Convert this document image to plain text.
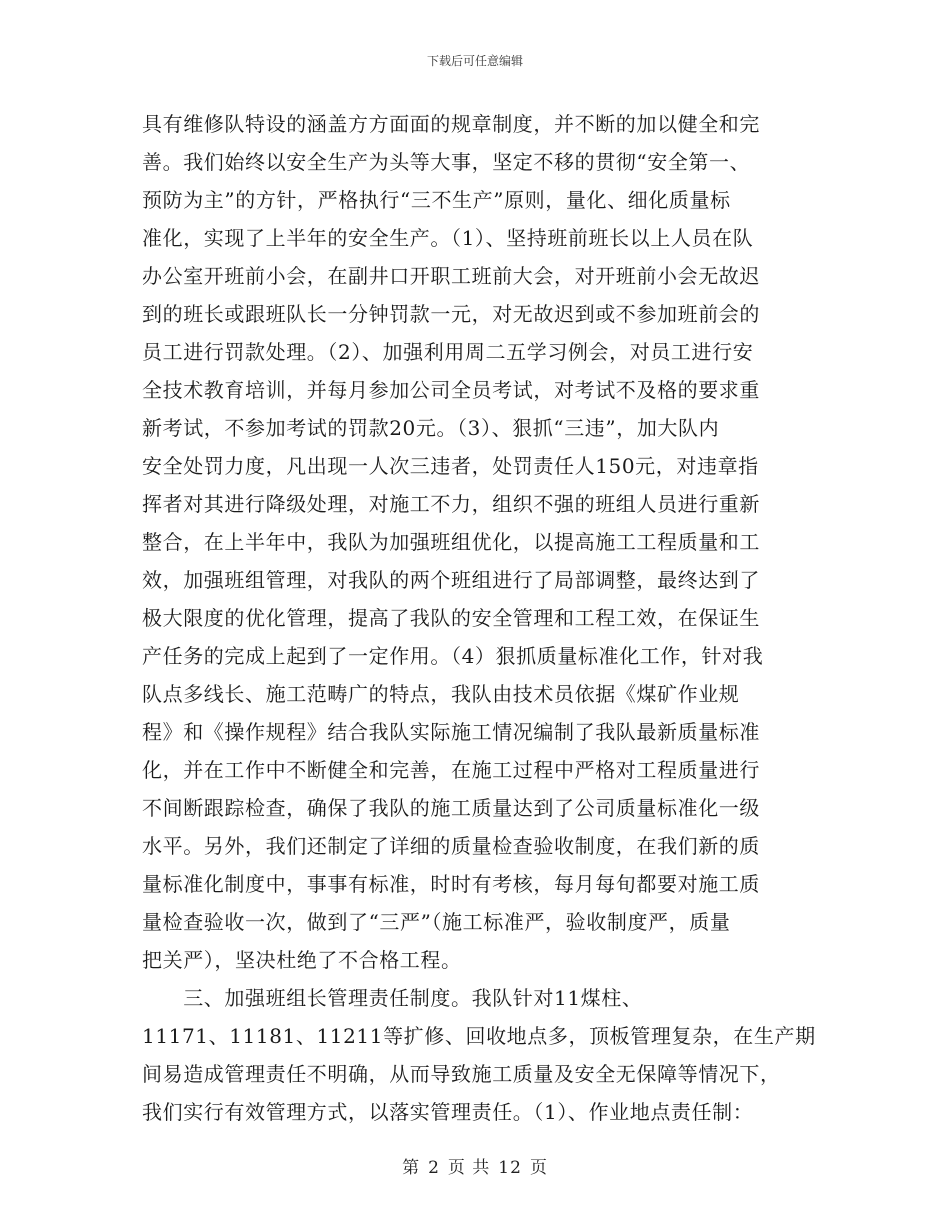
下载后可任意编辑
具有维修队特设的涵盖方方面面的规章制度，并不断的加以健全和完
善。我们始终以安全生产为头等大事，坚定不移的贯彻“安全第一、
预防为主”的方针，严格执行“三不生产”原则，量化、细化质量标
准化，实现了上半年的安全生产。（1）、坚持班前班长以上人员在队
办公室开班前小会，在副井口开职工班前大会，对开班前小会无故迟
到的班长或跟班队长一分钟罚款一元，对无故迟到或不参加班前会的
员工进行罚款处理。（2）、加强利用周二五学习例会，对员工进行安
全技术教育培训，并每月参加公司全员考试，对考试不及格的要求重
新考试，不参加考试的罚款20元。（3）、狠抓“三违”，加大队内
安全处罚力度，凡出现一人次三违者，处罚责任人150元，对违章指
挥者对其进行降级处理，对施工不力，组织不强的班组人员进行重新
整合，在上半年中，我队为加强班组优化，以提高施工工程质量和工
效，加强班组管理，对我队的两个班组进行了局部调整，最终达到了
极大限度的优化管理，提高了我队的安全管理和工程工效，在保证生
产任务的完成上起到了一定作用。（4）狠抓质量标准化工作，针对我
队点多线长、施工范畴广的特点，我队由技术员依据《煤矿作业规
程》和《操作规程》结合我队实际施工情况编制了我队最新质量标准
化，并在工作中不断健全和完善，在施工过程中严格对工程质量进行
不间断跟踪检查，确保了我队的施工质量达到了公司质量标准化一级
水平。另外，我们还制定了详细的质量检查验收制度，在我们新的质
量标准化制度中，事事有标准，时时有考核，每月每旬都要对施工质
量检查验收一次，做到了“三严”（施工标准严，验收制度严，质量
把关严），坚决杜绝了不合格工程。
　　三、加强班组长管理责任制度。我队针对11煤柱、
11171、11181、11211等扩修、回收地点多，顶板管理复杂，在生产期
间易造成管理责任不明确，从而导致施工质量及安全无保障等情况下，
我们实行有效管理方式，以落实管理责任。（1）、作业地点责任制：
第 2 页 共 12 页
